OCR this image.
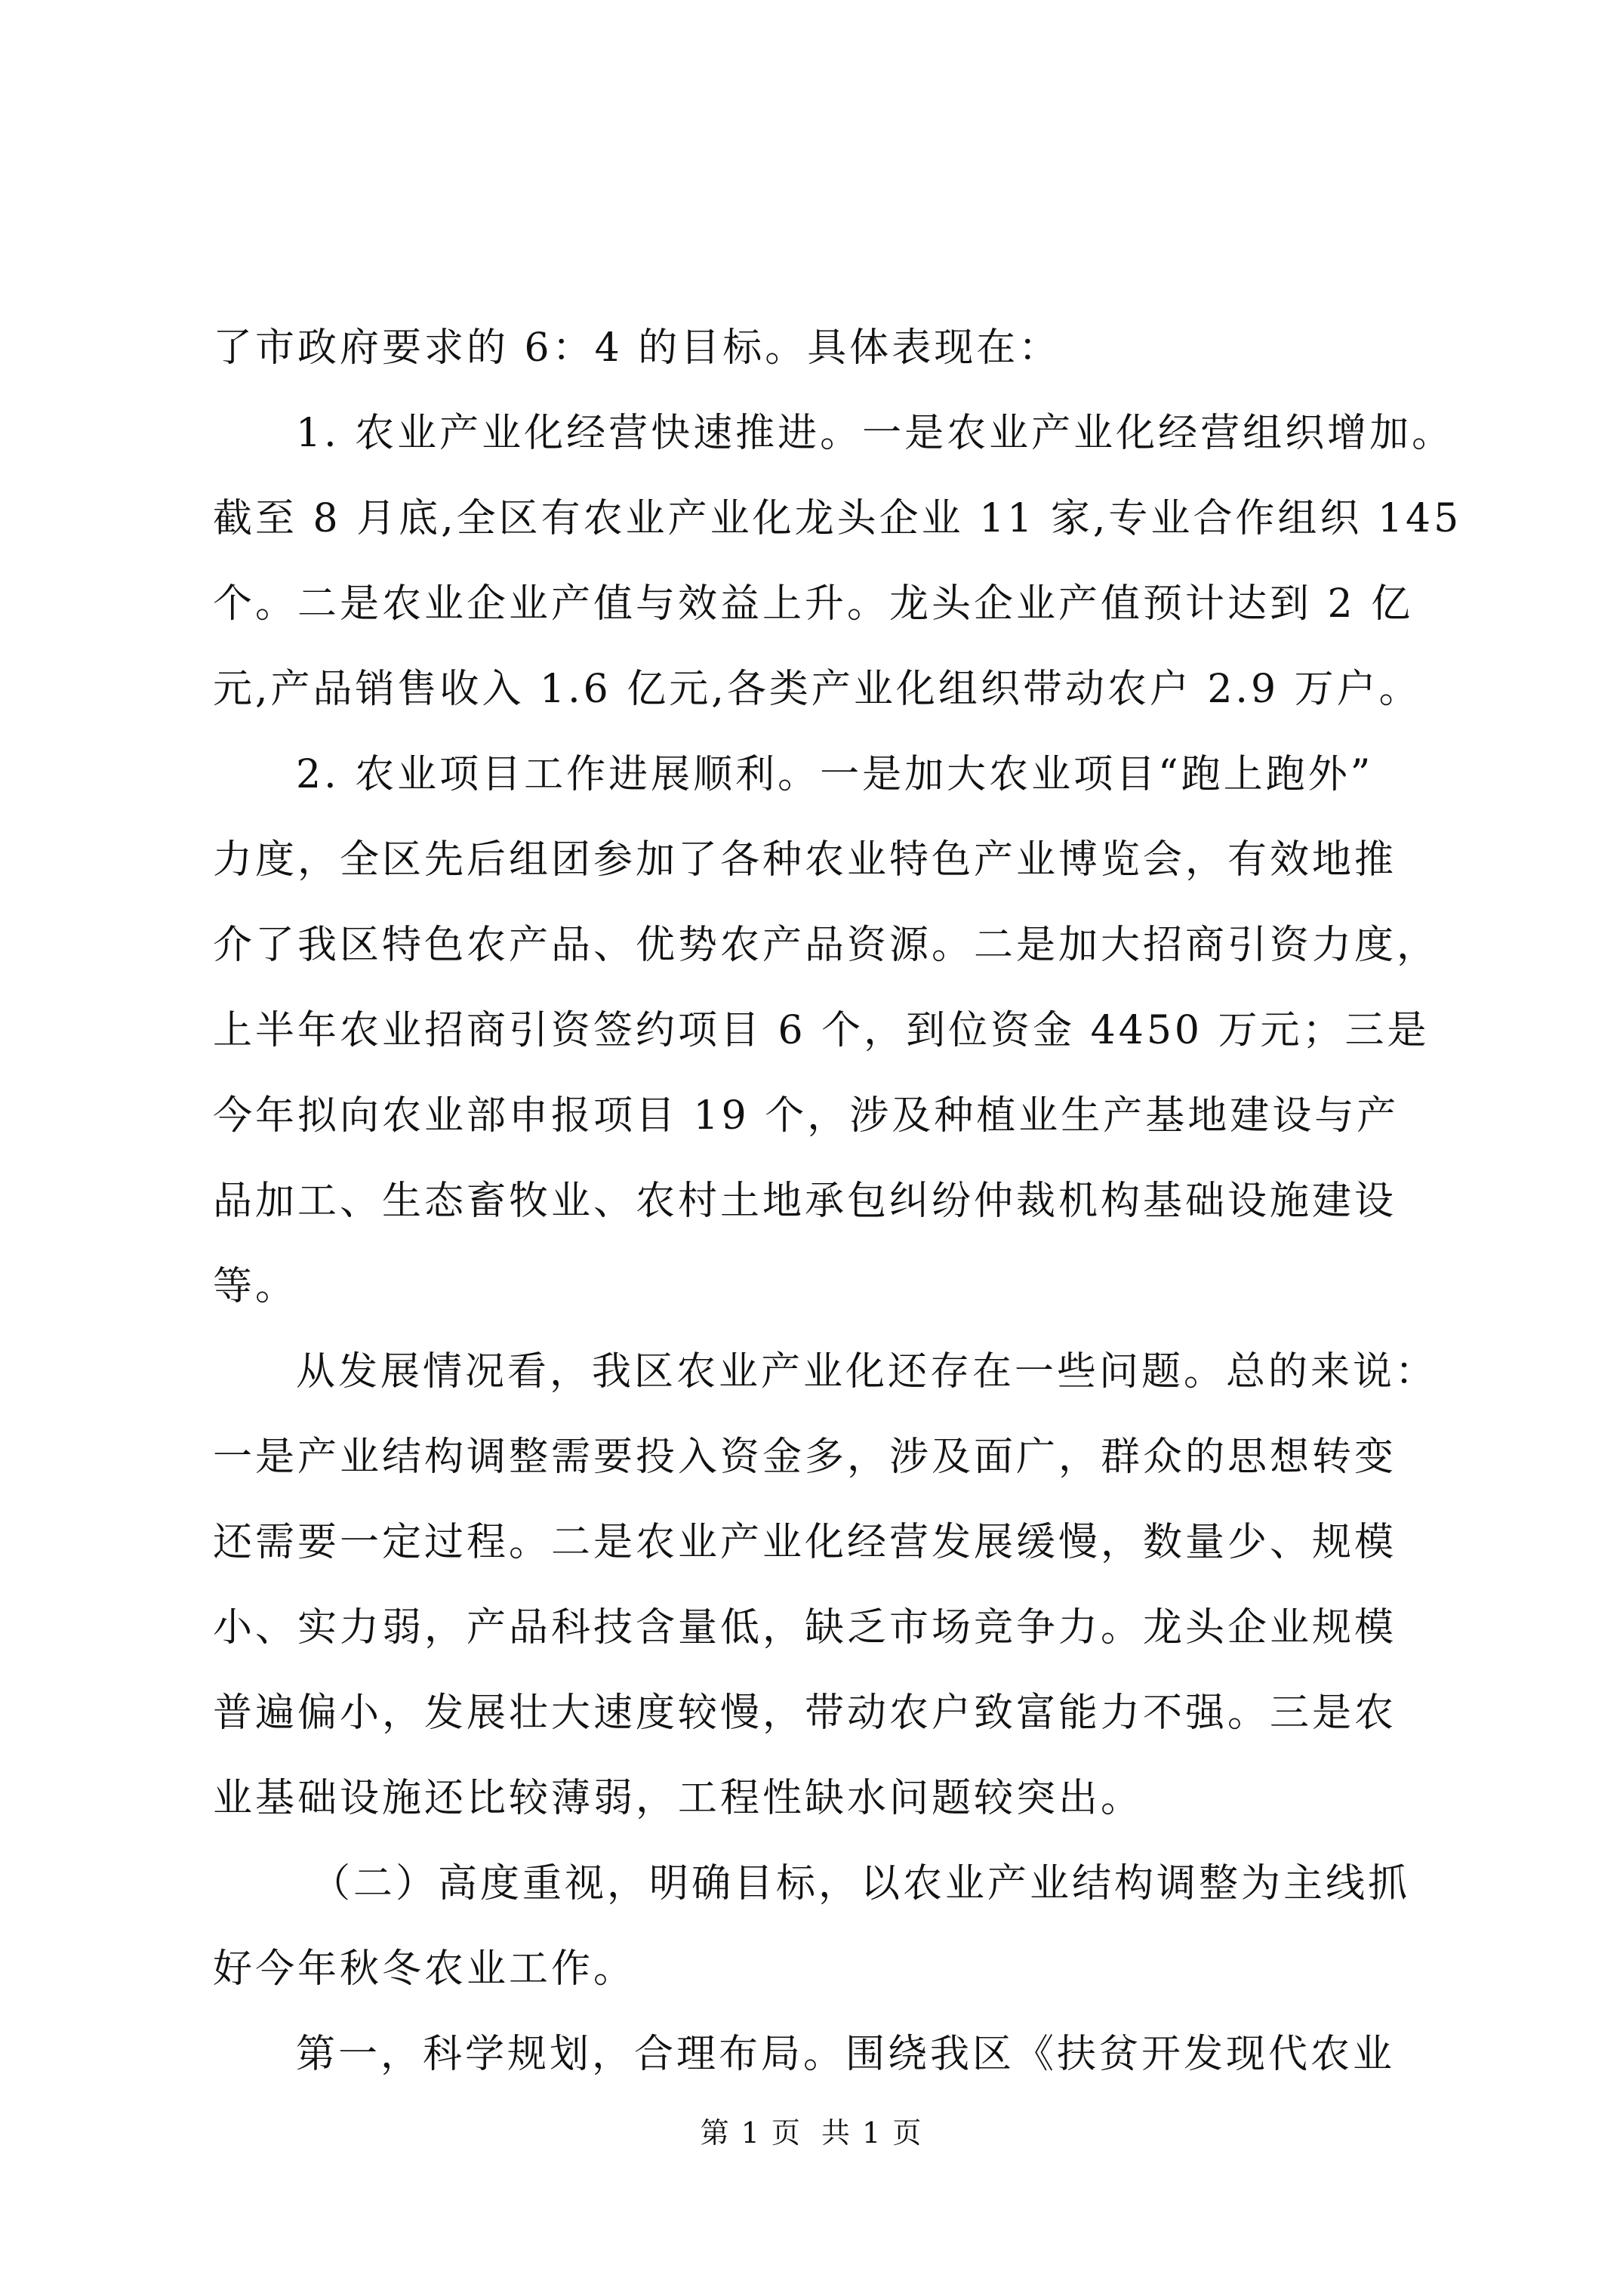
了市政府要求的 6：4 的目标。具体表现在：
1. 农业产业化经营快速推进。一是农业产业化经营组织增加。
截至 8 月底,全区有农业产业化龙头企业 11 家,专业合作组织 145
个。二是农业企业产值与效益上升。龙头企业产值预计达到 2 亿
元,产品销售收入 1.6 亿元,各类产业化组织带动农户 2.9 万户。
2. 农业项目工作进展顺利。一是加大农业项目“跑上跑外”
力度，全区先后组团参加了各种农业特色产业博览会，有效地推
介了我区特色农产品、优势农产品资源。二是加大招商引资力度，
上半年农业招商引资签约项目 6 个，到位资金 4450 万元；三是
今年拟向农业部申报项目 19 个，涉及种植业生产基地建设与产
品加工、生态畜牧业、农村土地承包纠纷仲裁机构基础设施建设
等。
从发展情况看，我区农业产业化还存在一些问题。总的来说：
一是产业结构调整需要投入资金多，涉及面广，群众的思想转变
还需要一定过程。二是农业产业化经营发展缓慢，数量少、规模
小、实力弱，产品科技含量低，缺乏市场竞争力。龙头企业规模
普遍偏小，发展壮大速度较慢，带动农户致富能力不强。三是农
业基础设施还比较薄弱，工程性缺水问题较突出。
（二）高度重视，明确目标，以农业产业结构调整为主线抓
好今年秋冬农业工作。
第一，科学规划，合理布局。围绕我区《扶贫开发现代农业
第 1 页 共 1 页
